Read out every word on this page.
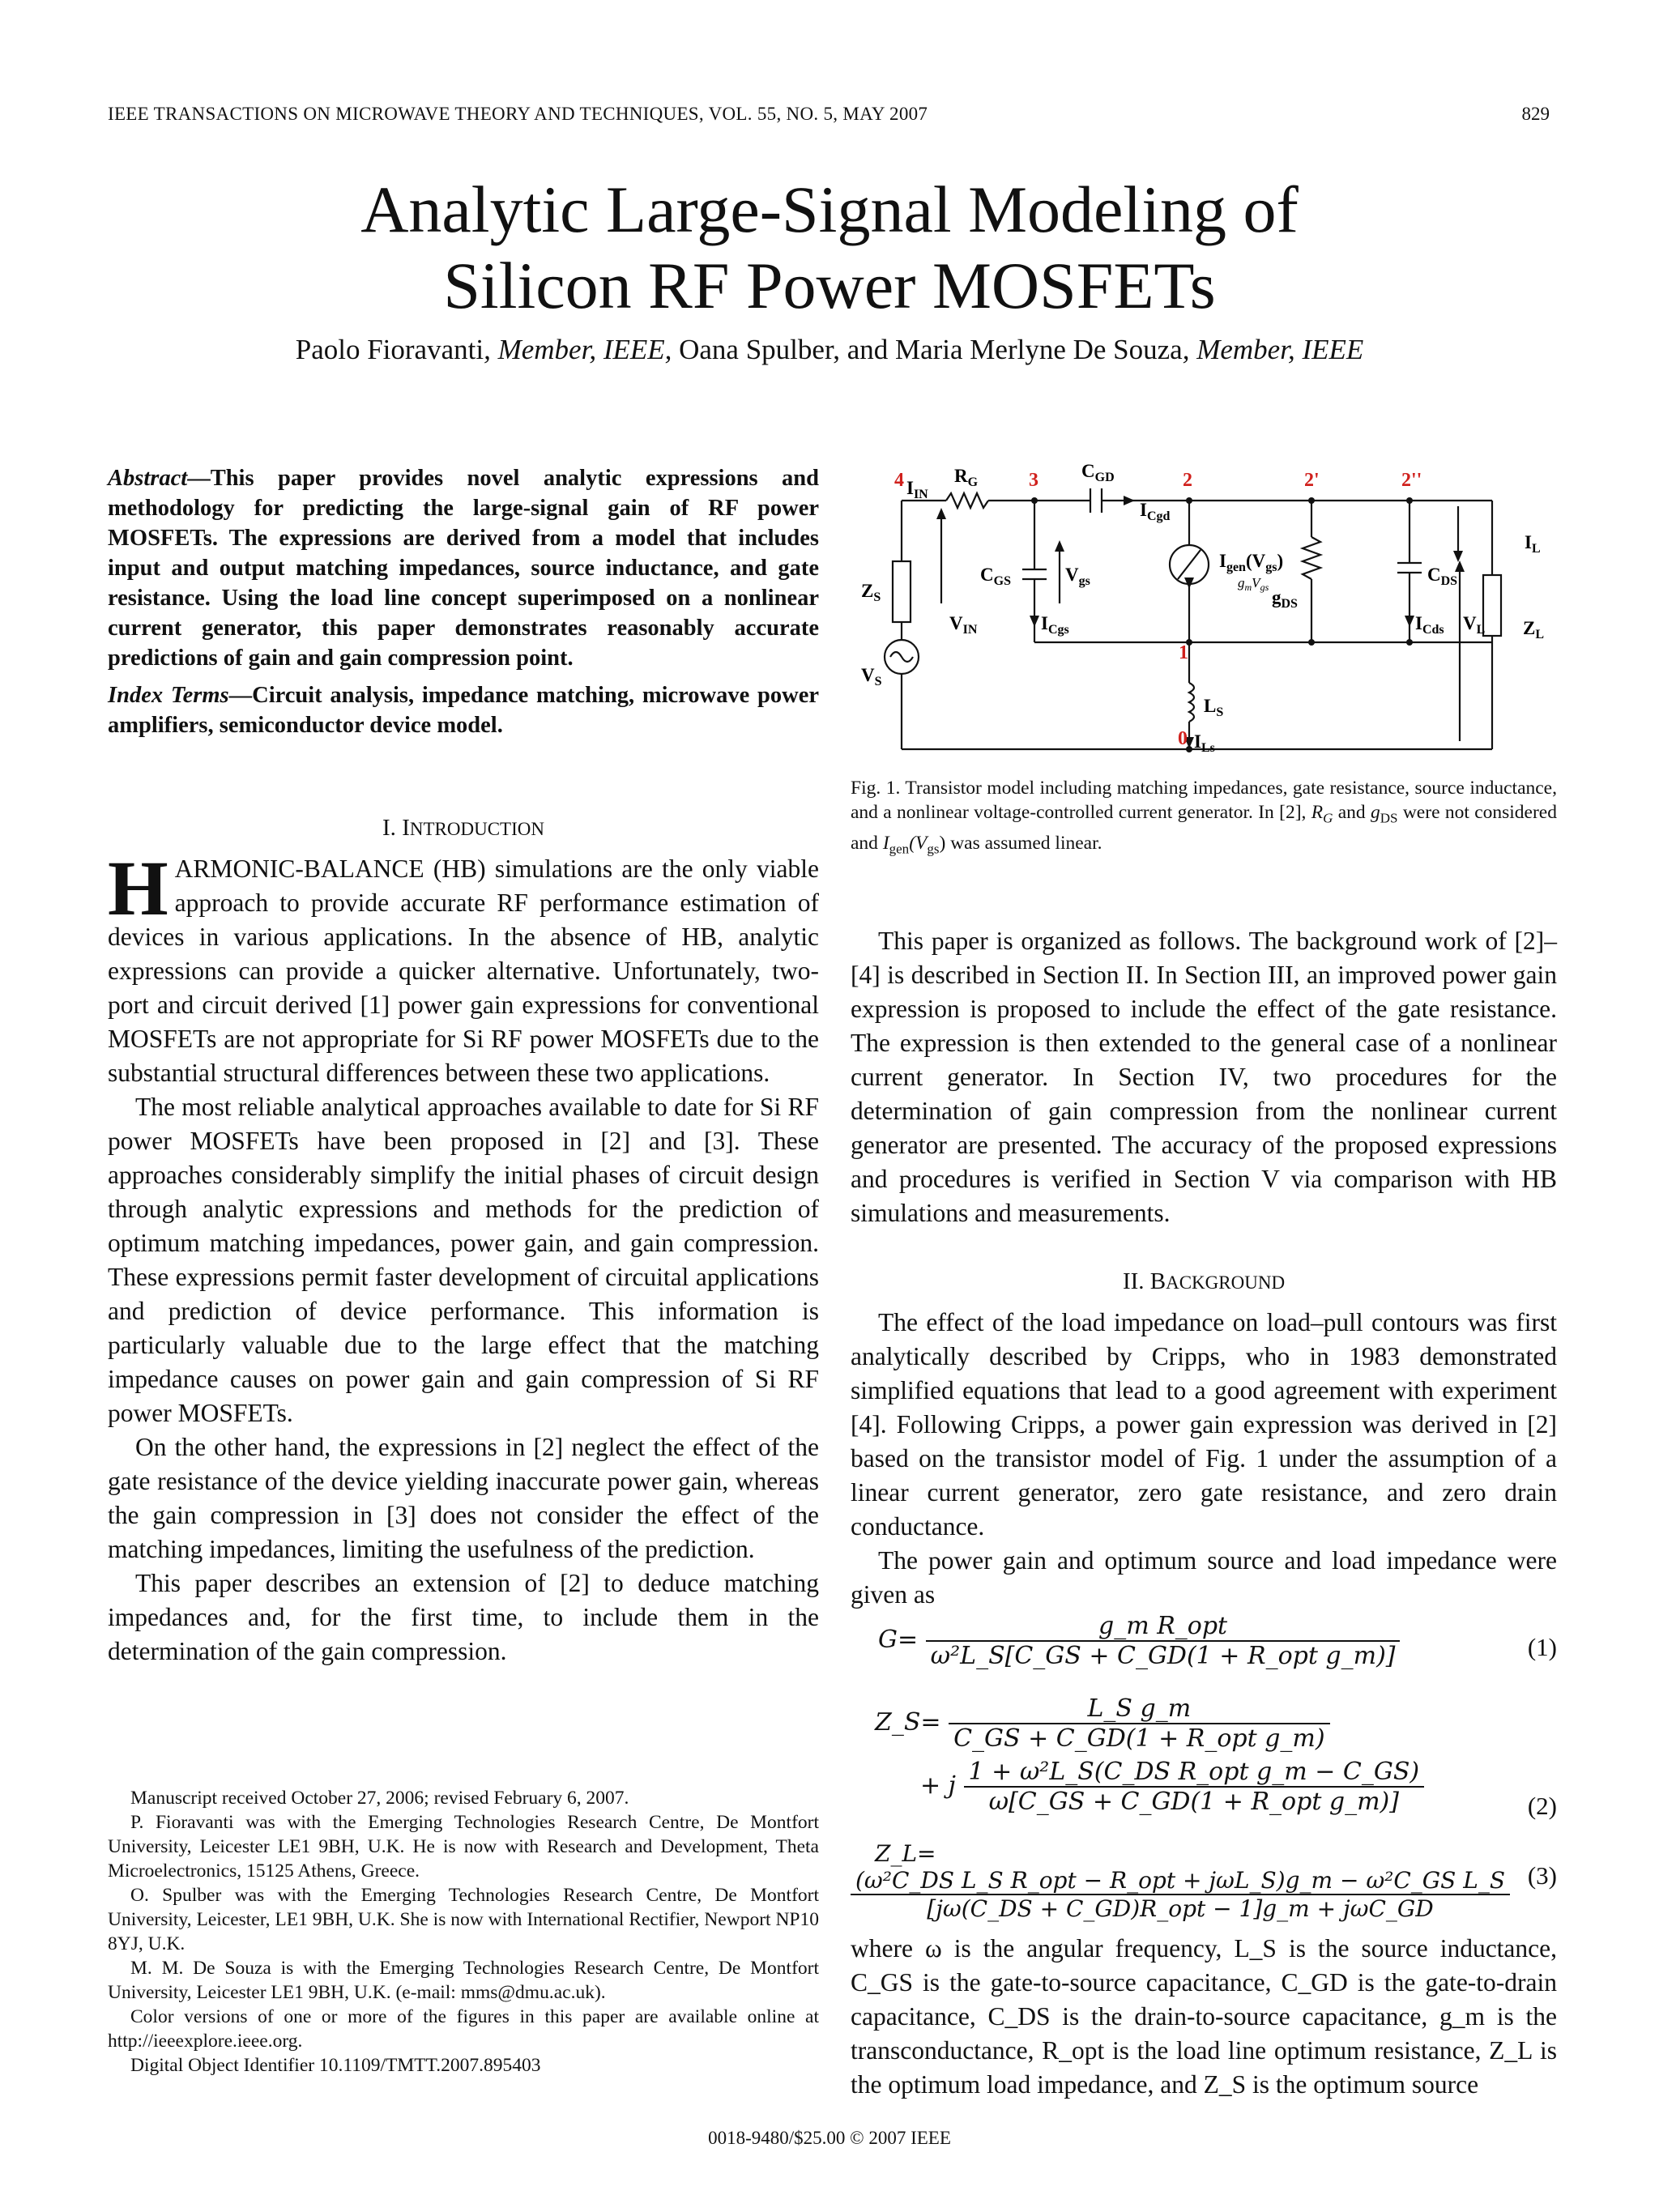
IEEE TRANSACTIONS ON MICROWAVE THEORY AND TECHNIQUES, VOL. 55, NO. 5, MAY 2007	829
Analytic Large-Signal Modeling of
Silicon RF Power MOSFETs
Paolo Fioravanti, Member, IEEE, Oana Spulber, and Maria Merlyne De Souza, Member, IEEE
Abstract—This paper provides novel analytic expressions and methodology for predicting the large-signal gain of RF power MOSFETs. The expressions are derived from a model that includes input and output matching impedances, source inductance, and gate resistance. Using the load line concept superimposed on a nonlinear current generator, this paper demonstrates reasonably accurate predictions of gain and gain compression point.
Index Terms—Circuit analysis, impedance matching, microwave power amplifiers, semiconductor device model.
I. INTRODUCTION

HARMONIC-BALANCE (HB) simulations are the only viable approach to provide accurate RF performance estimation of devices in various applications. In the absence of HB, analytic expressions can provide a quicker alternative. Unfortunately, two-port and circuit derived [1] power gain expressions for conventional MOSFETs are not appropriate for Si RF power MOSFETs due to the substantial structural differences between these two applications.

The most reliable analytical approaches available to date for Si RF power MOSFETs have been proposed in [2] and [3]. These approaches considerably simplify the initial phases of circuit design through analytic expressions and methods for the prediction of optimum matching impedances, power gain, and gain compression. These expressions permit faster development of circuital applications and prediction of device performance. This information is particularly valuable due to the large effect that the matching impedance causes on power gain and gain compression of Si RF power MOSFETs.

On the other hand, the expressions in [2] neglect the effect of the gate resistance of the device yielding inaccurate power gain, whereas the gain compression in [3] does not consider the effect of the matching impedances, limiting the usefulness of the prediction.

This paper describes an extension of [2] to deduce matching impedances and, for the first time, to include them in the determination of the gain compression.

Manuscript received October 27, 2006; revised February 6, 2007.

P. Fioravanti was with the Emerging Technologies Research Centre, De Montfort University, Leicester LE1 9BH, U.K. He is now with Research and Development, Theta Microelectronics, 15125 Athens, Greece.

O. Spulber was with the Emerging Technologies Research Centre, De Montfort University, Leicester, LE1 9BH, U.K. She is now with International Rectifier, Newport NP10 8YJ, U.K.

M. M. De Souza is with the Emerging Technologies Research Centre, De Montfort University, Leicester LE1 9BH, U.K. (e-mail: mms@dmu.ac.uk).

Color versions of one or more of the figures in this paper are available online at http://ieeexplore.ieee.org.

Digital Object Identifier 10.1109/TMTT.2007.895403

4	3	2	2'	2''
1
0
$I_{IN}$
$R_G$
$C_{GD}$
$I_{Cgd}$
$C_{GS}$	$V_{gs}$
$I_{Cgs}$
$I_{gen}(V_{gs})$
$g_mV_{gs}$ $g_{DS}$
$C_{DS}$
$I_{Cds}$ $V_L$
$I_L$
$Z_L$
$Z_S$
$V_{IN}$
$V_S$
$L_S$
$I_{Ls}$
Fig. 1. Transistor model including matching impedances, gate resistance, source inductance, and a nonlinear voltage-controlled current generator. In [2], $R_G$ and $g_{DS}$ were not considered and $I_{gen}(V_{gs})$ was assumed linear.

This paper is organized as follows. The background work of [2]–[4] is described in Section II. In Section III, an improved power gain expression is proposed to include the effect of the gate resistance. The expression is then extended to the general case of a nonlinear current generator. In Section IV, two procedures for the determination of gain compression from the nonlinear current generator are presented. The accuracy of the proposed expressions and procedures is verified in Section V via comparison with HB simulations and measurements.

II. BACKGROUND

The effect of the load impedance on load–pull contours was first analytically described by Cripps, who in 1983 demonstrated simplified equations that lead to a good agreement with experiment [4]. Following Cripps, a power gain expression was derived in [2] based on the transistor model of Fig. 1 under the assumption of a linear current generator, zero gate resistance, and zero drain conductance.

The power gain and optimum source and load impedance were given as

$G= \frac{\text{g\_m R\_opt}}{\text{ω²L\_S[C\_GS + C\_GD(1 + R\_opt g\_m)]}}$	(1)
Z_S= $\frac{\text{L\_S g\_m}}{\text{C\_GS + C\_GD(1 + R\_opt g\_m)}}$
+ j $\frac{\text{1 + ω²L\_S(C\_DS R\_opt g\_m − C\_GS)}}{\text{ω[C\_GS + C\_GD(1 + R\_opt g\_m)]}}$	(2)
Z_L=
$\frac{\text{(ω²C\_DS L\_S R\_opt − R\_opt + jωL\_S)g\_m − ω²C\_GS L\_S}}{\text{[jω(C\_DS + C\_GD)R\_opt − 1]g\_m + jωC\_GD}} (3)$

where ω is the angular frequency, L_S is the source inductance, C_GS is the gate-to-source capacitance, C_GD is the gate-to-drain capacitance, C_DS is the drain-to-source capacitance, g_m is the transconductance, R_opt is the load line optimum resistance, Z_L is the optimum load impedance, and Z_S is the optimum source

0018-9480/$25.00 © 2007 IEEE
